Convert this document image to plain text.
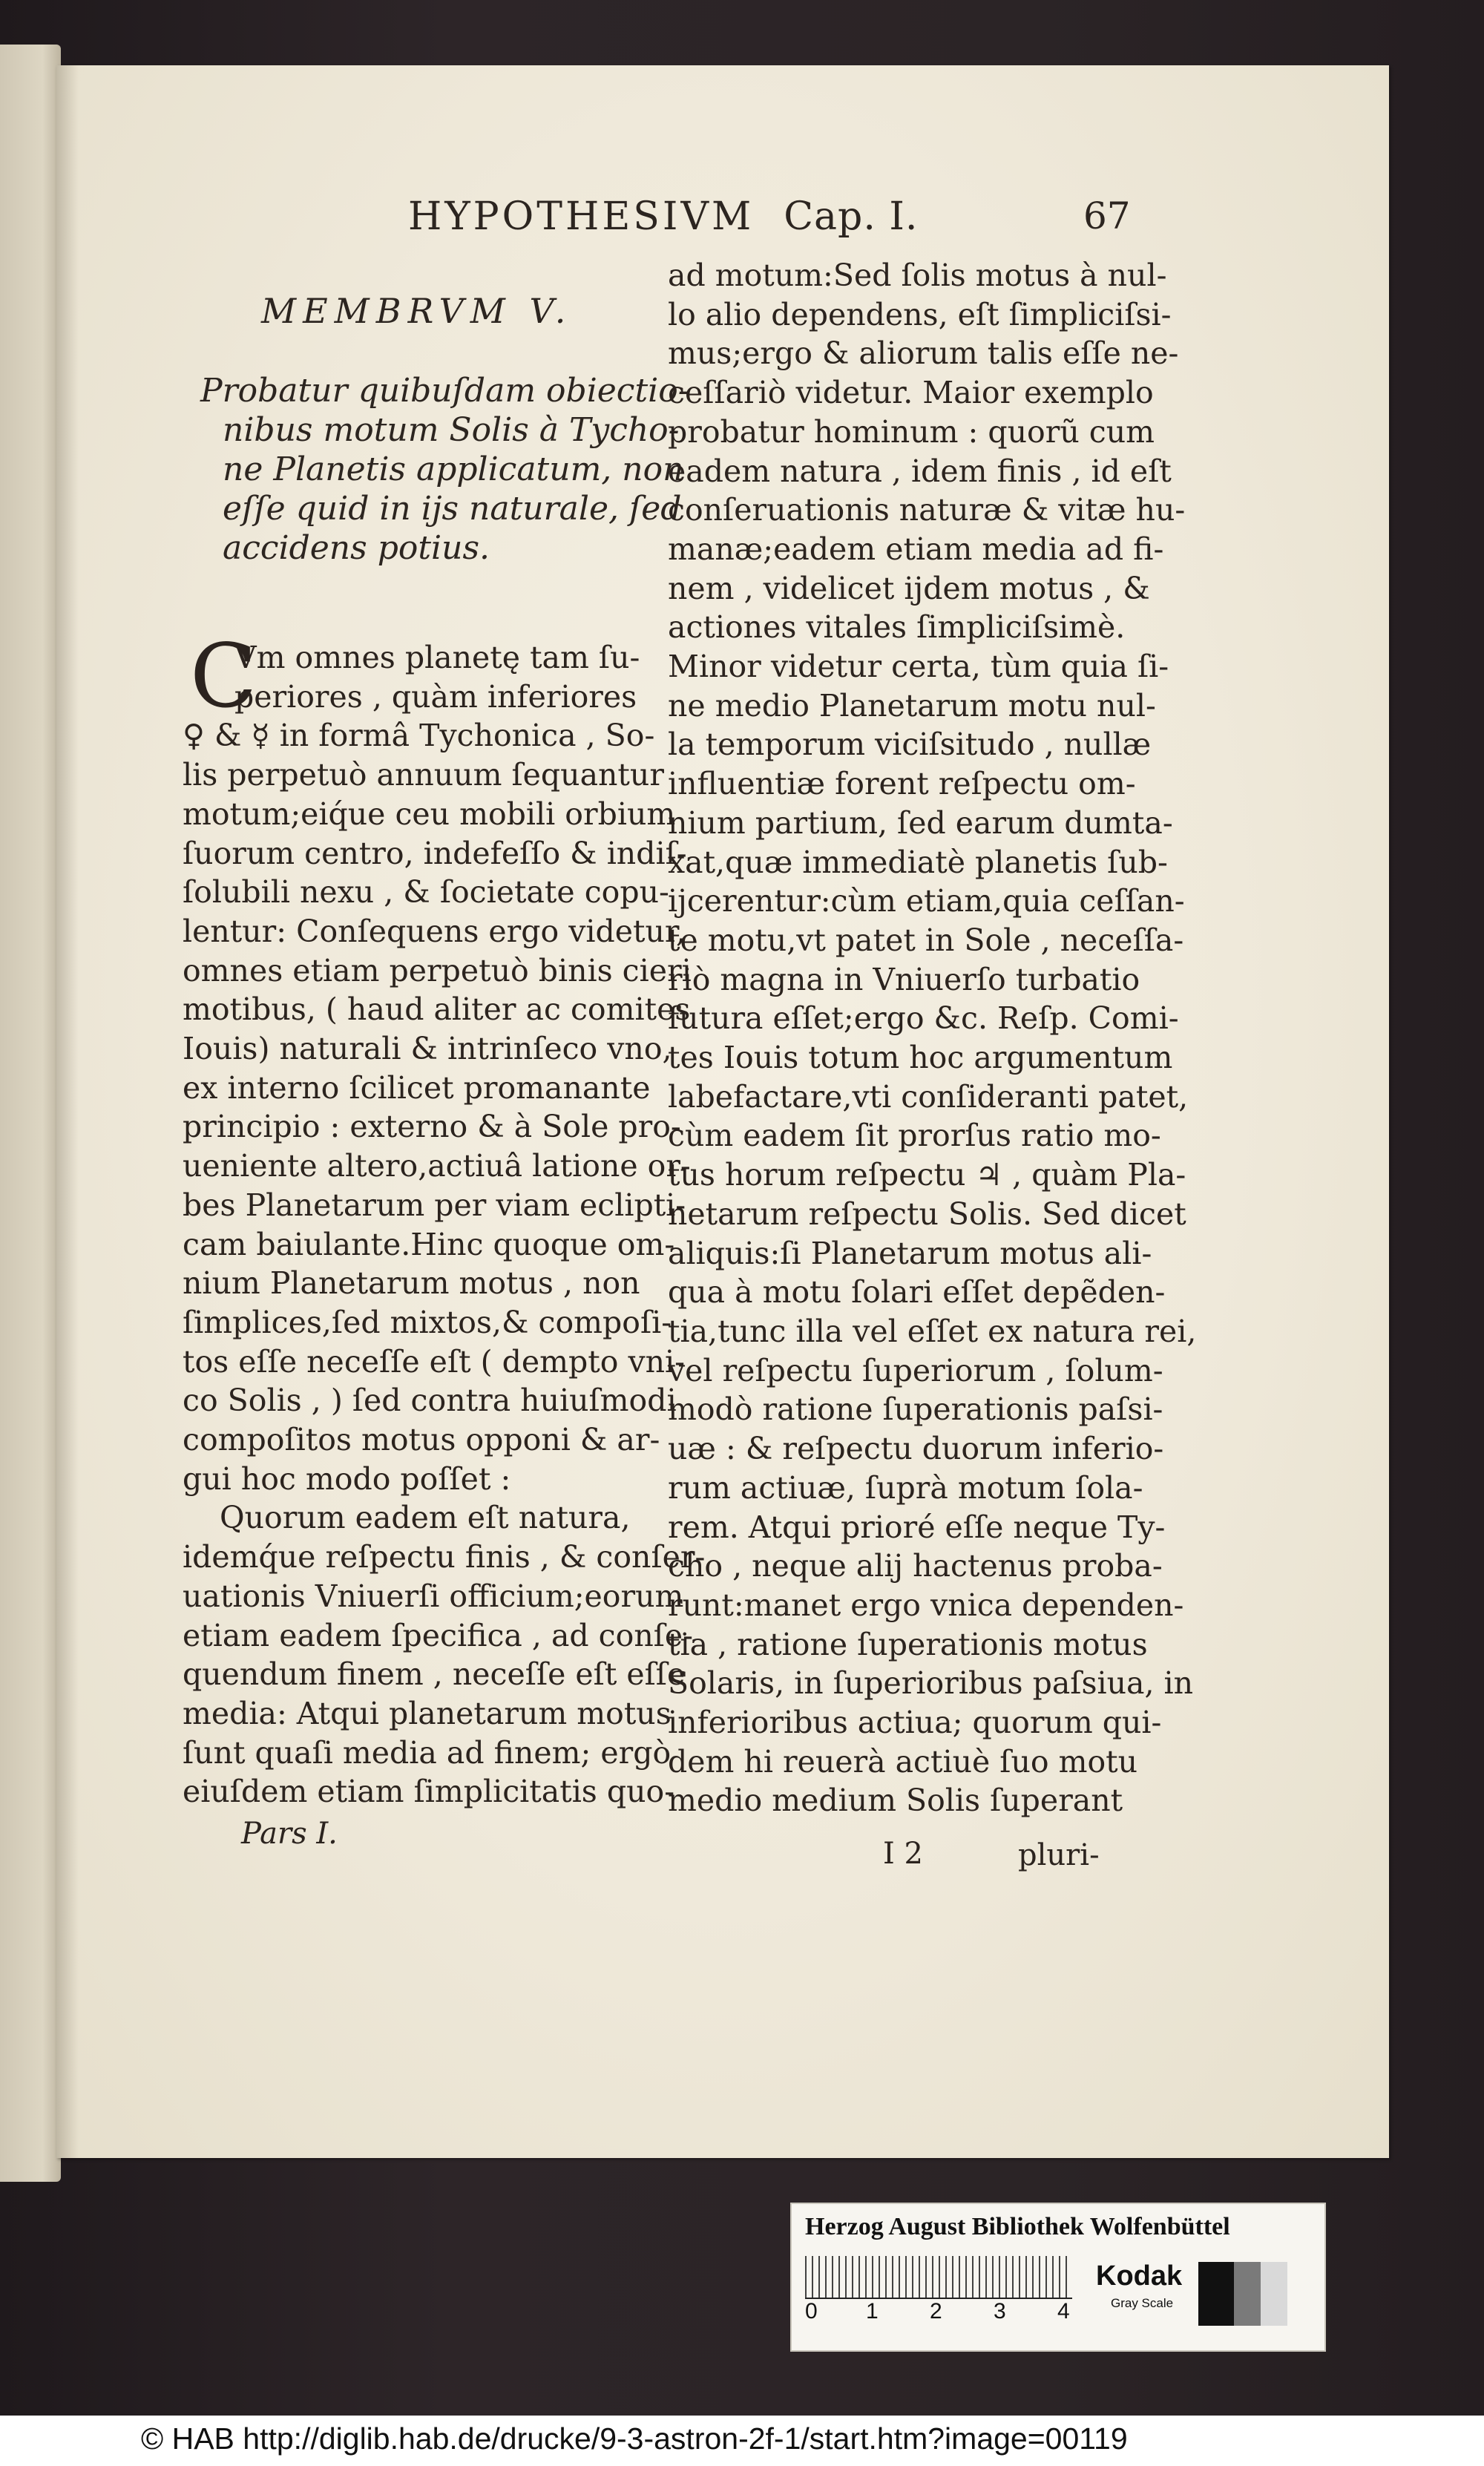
HYPOTHESIVM Cap. I.	67
MEMBRVM V.
Probatur quibuſdam obiectio-
nibus motum Solis à Tycho-
ne Planetis applicatum, non
eſſe quid in ijs naturale, ſed
accidens potius.
C
Vm omnes planetę tam ſu-
periores , quàm inferiores
♀ & ☿ in formâ Tychonica , So-
lis perpetuò annuum ſequantur
motum;eiq́ue ceu mobili orbium
ſuorum centro, indefeſſo & indiſ-
ſolubili nexu , & ſocietate copu-
lentur: Conſequens ergo videtur,
omnes etiam perpetuò binis cieri
motibus, ( haud aliter ac comites
Iouis) naturali & intrinſeco vno,
ex interno ſcilicet promanante
principio : externo & à Sole pro-
ueniente altero,actiuâ latione or-
bes Planetarum per viam eclipti-
cam baiulante.Hinc quoque om-
nium Planetarum motus , non
ſimplices,ſed mixtos,& compoſi-
tos eſſe neceſſe eſt ( dempto vni-
co Solis , ) ſed contra huiuſmodi
compoſitos motus opponi & ar-
gui hoc modo poſſet :
Quorum eadem eſt natura,
idemq́ue reſpectu finis , & conſer-
uationis Vniuerſi officium;eorum
etiam eadem ſpecifica , ad conſe-
quendum finem , neceſſe eſt eſſe
media: Atqui planetarum motus
ſunt quaſi media ad finem; ergò
eiuſdem etiam ſimplicitatis quo-
ad motum:Sed ſolis motus à nul-
lo alio dependens, eſt ſimpliciſsi-
mus;ergo & aliorum talis eſſe ne-
ceſſariò videtur. Maior exemplo
probatur hominum : quorũ cum
eadem natura , idem finis , id eſt
conſeruationis naturæ & vitæ hu-
manæ;eadem etiam media ad fi-
nem , videlicet ijdem motus , &
actiones vitales ſimpliciſsimè.
Minor videtur certa, tùm quia ſi-
ne medio Planetarum motu nul-
la temporum viciſsitudo , nullæ
influentiæ forent reſpectu om-
nium partium, ſed earum dumta-
xat,quæ immediatè planetis ſub-
ijcerentur:cùm etiam,quia ceſſan-
te motu,vt patet in Sole , neceſſa-
riò magna in Vniuerſo turbatio
futura eſſet;ergo &c. Reſp. Comi-
tes Iouis totum hoc argumentum
labefactare,vti conſideranti patet,
cùm eadem ſit prorſus ratio mo-
tus horum reſpectu ♃ , quàm Pla-
netarum reſpectu Solis. Sed dicet
aliquis:ſi Planetarum motus ali-
qua à motu ſolari eſſet depẽden-
tia,tunc illa vel eſſet ex natura rei,
vel reſpectu ſuperiorum , ſolum-
modò ratione ſuperationis paſsi-
uæ : & reſpectu duorum inferio-
rum actiuæ, ſuprà motum ſola-
rem. Atqui prioré eſſe neque Ty-
cho , neque alij hactenus proba-
runt:manet ergo vnica dependen-
tia , ratione ſuperationis motus
Solaris, in ſuperioribus paſsiua, in
inferioribus actiua; quorum qui-
dem hi reuerà actiuè ſuo motu
medio medium Solis ſuperant
Pars I.
I 2	pluri-
Herzog August Bibliothek Wolfenbüttel
0 1 2 3 4
Kodak
Gray Scale
© HAB http://diglib.hab.de/drucke/9-3-astron-2f-1/start.htm?image=00119
